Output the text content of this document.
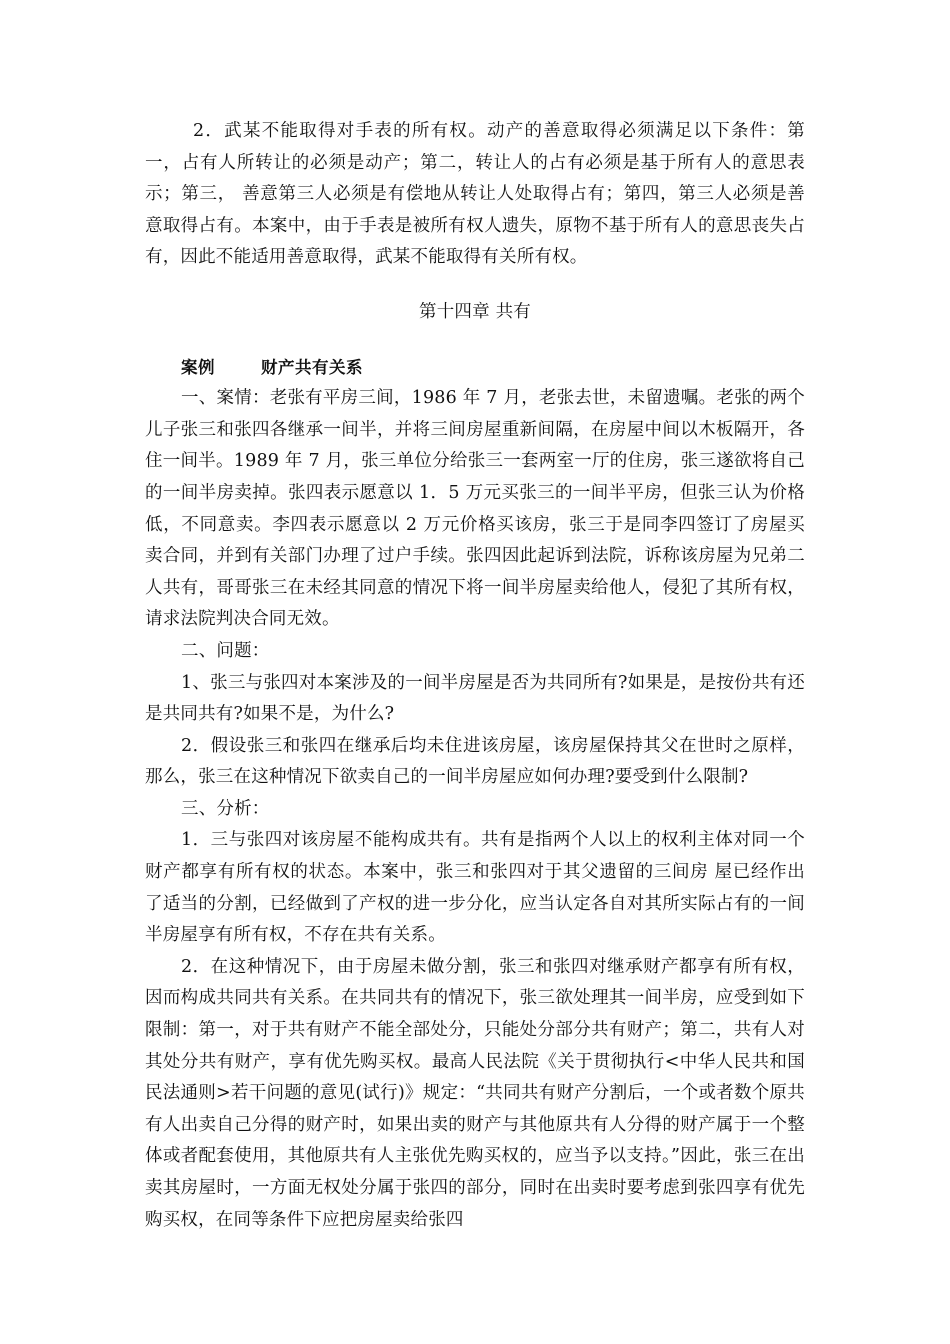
2．武某不能取得对手表的所有权。动产的善意取得必须满足以下条件：第一，占有人所转让的必须是动产；第二，转让人的占有必须是基于所有人的意思表示；第三， 善意第三人必须是有偿地从转让人处取得占有；第四，第三人必须是善意取得占有。本案中，由于手表是被所有权人遗失，原物不基于所有人的意思丧失占有，因此不能适用善意取得，武某不能取得有关所有权。

第十四章 共有

案例	财产共有关系

一、案情：老张有平房三间，1986 年 7 月，老张去世，未留遗嘱。老张的两个儿子张三和张四各继承一间半，并将三间房屋重新间隔，在房屋中间以木板隔开，各住一间半。1989 年 7 月，张三单位分给张三一套两室一厅的住房，张三遂欲将自己的一间半房卖掉。张四表示愿意以 1．5 万元买张三的一间半平房，但张三认为价格低，不同意卖。李四表示愿意以 2 万元价格买该房，张三于是同李四签订了房屋买卖合同，并到有关部门办理了过户手续。张四因此起诉到法院，诉称该房屋为兄弟二人共有，哥哥张三在未经其同意的情况下将一间半房屋卖给他人，侵犯了其所有权，请求法院判决合同无效。

二、问题：

1、张三与张四对本案涉及的一间半房屋是否为共同所有?如果是，是按份共有还是共同共有?如果不是，为什么?

2．假设张三和张四在继承后均未住进该房屋，该房屋保持其父在世时之原样，那么，张三在这种情况下欲卖自己的一间半房屋应如何办理?要受到什么限制?

三、分析：

1．三与张四对该房屋不能构成共有。共有是指两个人以上的权利主体对同一个财产都享有所有权的状态。本案中，张三和张四对于其父遗留的三间房 屋已经作出了适当的分割，已经做到了产权的进一步分化，应当认定各自对其所实际占有的一间半房屋享有所有权，不存在共有关系。

2．在这种情况下，由于房屋未做分割，张三和张四对继承财产都享有所有权，因而构成共同共有关系。在共同共有的情况下，张三欲处理其一间半房，应受到如下限制：第一，对于共有财产不能全部处分，只能处分部分共有财产；第二，共有人对其处分共有财产，享有优先购买权。最高人民法院《关于贯彻执行<中华人民共和国民法通则>若干问题的意见(试行)》规定：“共同共有财产分割后，一个或者数个原共有人出卖自己分得的财产时，如果出卖的财产与其他原共有人分得的财产属于一个整体或者配套使用，其他原共有人主张优先购买权的，应当予以支持。”因此，张三在出卖其房屋时，一方面无权处分属于张四的部分，同时在出卖时要考虑到张四享有优先购买权，在同等条件下应把房屋卖给张四
